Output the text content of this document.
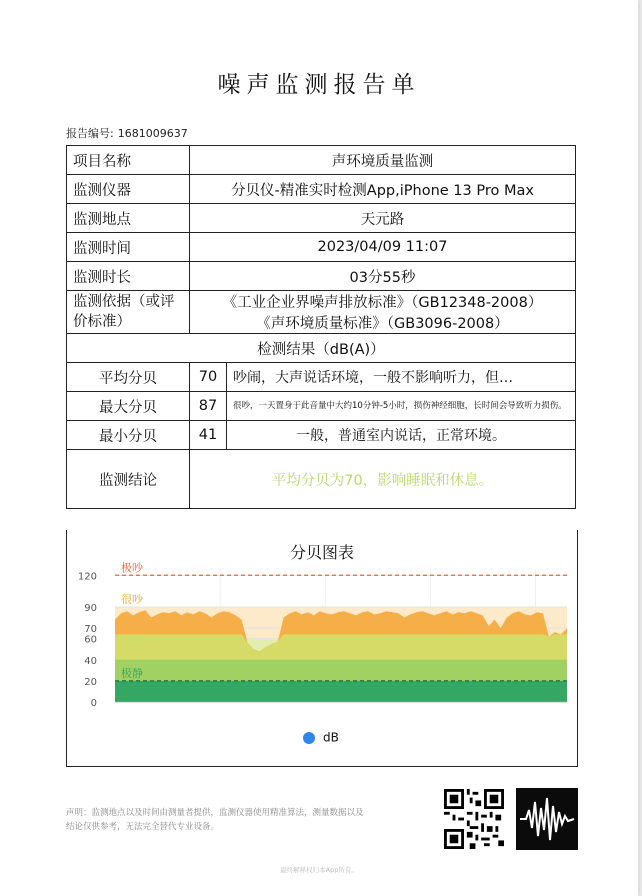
噪声监测报告单
报告编号: 1681009637
项目名称	声环境质量监测	
监测仪器	分贝仪-精准实时检测App,iPhone 13 Pro Max	
监测地点	天元路	
监测时间	2023/04/09 11:07	
监测时长	03分55秒	
监测依据（或评价标准）	《工业企业界噪声排放标准》（GB12348-2008）
《声环境质量标准》（GB3096-2008）	

检测结果（dB(A)）		
平均分贝	70	吵闹，大声说话环境，一般不影响听力，但…
最大分贝	87	很吵，一天置身于此音量中大约10分钟-5小时，损伤神经细胞，长时间会导致听力损伤。
最小分贝	41	一般，普通室内说话，正常环境。
监测结论	平均分贝为70，影响睡眠和休息。	
分贝图表
0
20
40
60
70
90
120
极吵
很吵
安静
极静
dB
声明：监测地点以及时间由测量者提供，监测仪器使用精准算法，测量数据以及结论仅供参考，无法完全替代专业设备。
最终解释权归本App所有。
